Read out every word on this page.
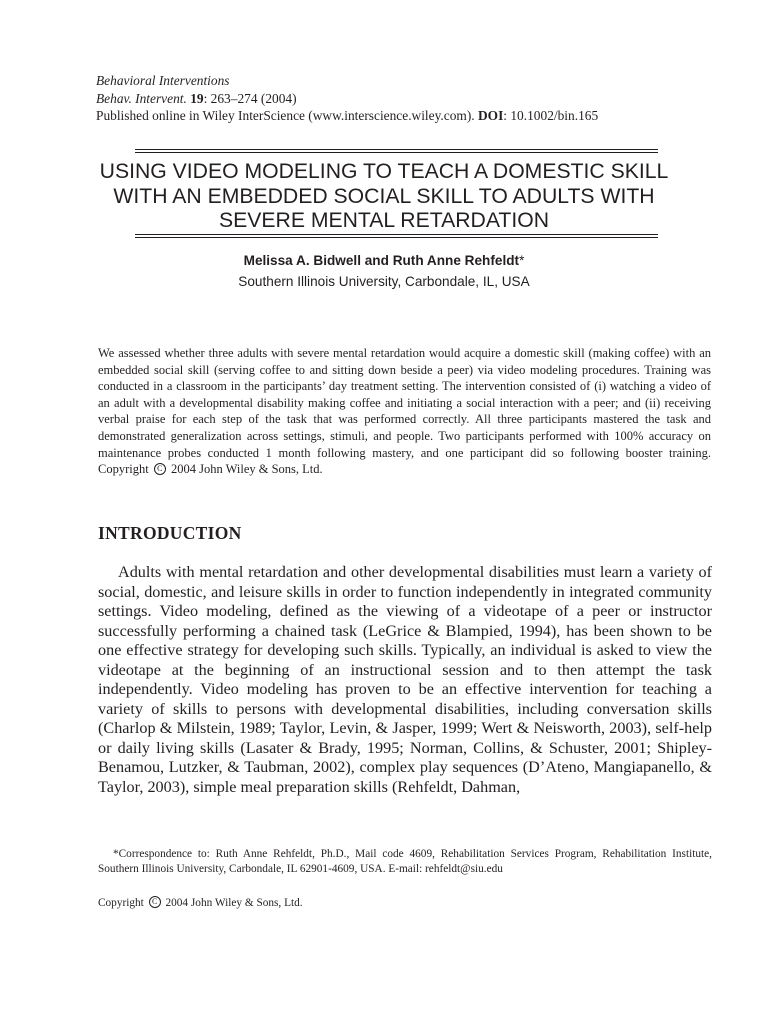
Behavioral Interventions
Behav. Intervent. 19: 263–274 (2004)
Published online in Wiley InterScience (www.interscience.wiley.com). DOI: 10.1002/bin.165
USING VIDEO MODELING TO TEACH A DOMESTIC SKILL WITH AN EMBEDDED SOCIAL SKILL TO ADULTS WITH SEVERE MENTAL RETARDATION
Melissa A. Bidwell and Ruth Anne Rehfeldt*
Southern Illinois University, Carbondale, IL, USA
We assessed whether three adults with severe mental retardation would acquire a domestic skill (making coffee) with an embedded social skill (serving coffee to and sitting down beside a peer) via video modeling procedures. Training was conducted in a classroom in the participants’ day treatment setting. The intervention consisted of (i) watching a video of an adult with a developmental disability making coffee and initiating a social interaction with a peer; and (ii) receiving verbal praise for each step of the task that was performed correctly. All three participants mastered the task and demonstrated generalization across settings, stimuli, and people. Two participants performed with 100% accuracy on maintenance probes conducted 1 month following mastery, and one participant did so following booster training. Copyright C 2004 John Wiley & Sons, Ltd.
INTRODUCTION
Adults with mental retardation and other developmental disabilities must learn a variety of social, domestic, and leisure skills in order to function independently in integrated community settings. Video modeling, defined as the viewing of a videotape of a peer or instructor successfully performing a chained task (LeGrice & Blampied, 1994), has been shown to be one effective strategy for developing such skills. Typically, an individual is asked to view the videotape at the beginning of an instructional session and to then attempt the task independently. Video modeling has proven to be an effective intervention for teaching a variety of skills to persons with developmental disabilities, including conversation skills (Charlop & Milstein, 1989; Taylor, Levin, & Jasper, 1999; Wert & Neisworth, 2003), self-help or daily living skills (Lasater & Brady, 1995; Norman, Collins, & Schuster, 2001; Shipley-Benamou, Lutzker, & Taubman, 2002), complex play sequences (D’Ateno, Mangiapanello, & Taylor, 2003), simple meal preparation skills (Rehfeldt, Dahman,
*Correspondence to: Ruth Anne Rehfeldt, Ph.D., Mail code 4609, Rehabilitation Services Program, Rehabilitation Institute, Southern Illinois University, Carbondale, IL 62901-4609, USA. E-mail: rehfeldt@siu.edu
Copyright C 2004 John Wiley & Sons, Ltd.
